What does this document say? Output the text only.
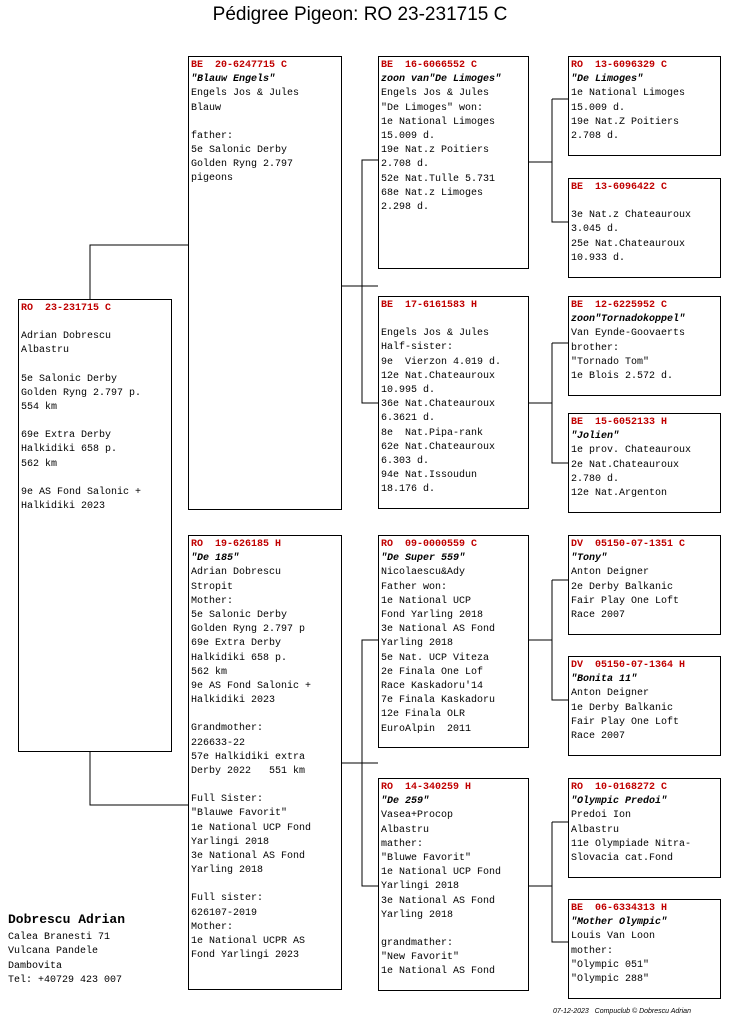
Pédigree Pigeon: RO 23-231715 C
RO  23-231715 C
Adrian Dobrescu
Albastru
5e Salonic Derby
Golden Ryng 2.797 p.
554 km
69e Extra Derby
Halkidiki 658 p.
562 km
9e AS Fond Salonic +
Halkidiki 2023
BE  20-6247715 C
"Blauw Engels"
Engels Jos & Jules
Blauw
father:
5e Salonic Derby
Golden Ryng 2.797
pigeons
RO  19-626185 H
"De 185"
Adrian Dobrescu
Stropit
Mother:
5e Salonic Derby
Golden Ryng 2.797 p
69e Extra Derby
Halkidiki 658 p.
562 km
9e AS Fond Salonic +
Halkidiki 2023
Grandmother:
226633-22
57e Halkidiki extra
Derby 2022   551 km
Full Sister:
"Blauwe Favorit"
1e National UCP Fond
Yarlingi 2018
3e National AS Fond
Yarling 2018
Full sister:
626107-2019
Mother:
1e National UCPR AS
Fond Yarlingi 2023
BE  16-6066552 C
zoon van"De Limoges"
Engels Jos & Jules
"De Limoges" won:
1e National Limoges
15.009 d.
19e Nat.z Poitiers
2.708 d.
52e Nat.Tulle 5.731
68e Nat.z Limoges
2.298 d.
BE  17-6161583 H
Engels Jos & Jules
Half-sister:
9e  Vierzon 4.019 d.
12e Nat.Chateauroux
10.995 d.
36e Nat.Chateauroux
6.3621 d.
8e  Nat.Pipa-rank
62e Nat.Chateauroux
6.303 d.
94e Nat.Issoudun
18.176 d.
RO  09-0000559 C
"De Super 559"
Nicolaescu&Ady
Father won:
1e National UCP
Fond Yarling 2018
3e National AS Fond
Yarling 2018
5e Nat. UCP Viteza
2e Finala One Lof
Race Kaskadoru'14
7e Finala Kaskadoru
12e Finala OLR
EuroAlpin  2011
RO  14-340259 H
"De 259"
Vasea+Procop
Albastru
mather:
"Bluwe Favorit"
1e National UCP Fond
Yarlingi 2018
3e National AS Fond
Yarling 2018
grandmather:
"New Favorit"
1e National AS Fond
RO  13-6096329 C
"De Limoges"
1e National Limoges
15.009 d.
19e Nat.Z Poitiers
2.708 d.
BE  13-6096422 C
3e Nat.z Chateauroux
3.045 d.
25e Nat.Chateauroux
10.933 d.
BE  12-6225952 C
zoon"Tornadokoppel"
Van Eynde-Goovaerts
brother:
"Tornado Tom"
1e Blois 2.572 d.
BE  15-6052133 H
"Jolien"
1e prov. Chateauroux
2e Nat.Chateauroux
2.780 d.
12e Nat.Argenton
DV  05150-07-1351 C
"Tony"
Anton Deigner
2e Derby Balkanic
Fair Play One Loft
Race 2007
DV  05150-07-1364 H
"Bonita 11"
Anton Deigner
1e Derby Balkanic
Fair Play One Loft
Race 2007
RO  10-0168272 C
"Olympic Predoi"
Predoi Ion
Albastru
11e Olympiade Nitra-
Slovacia cat.Fond
BE  06-6334313 H
"Mother Olympic"
Louis Van Loon
mother:
"Olympic 051"
"Olympic 288"
Dobrescu Adrian
Calea Branesti 71
Vulcana Pandele
Dambovita
Tel: +40729 423 007
07-12-2023   Compuclub © Dobrescu Adrian
